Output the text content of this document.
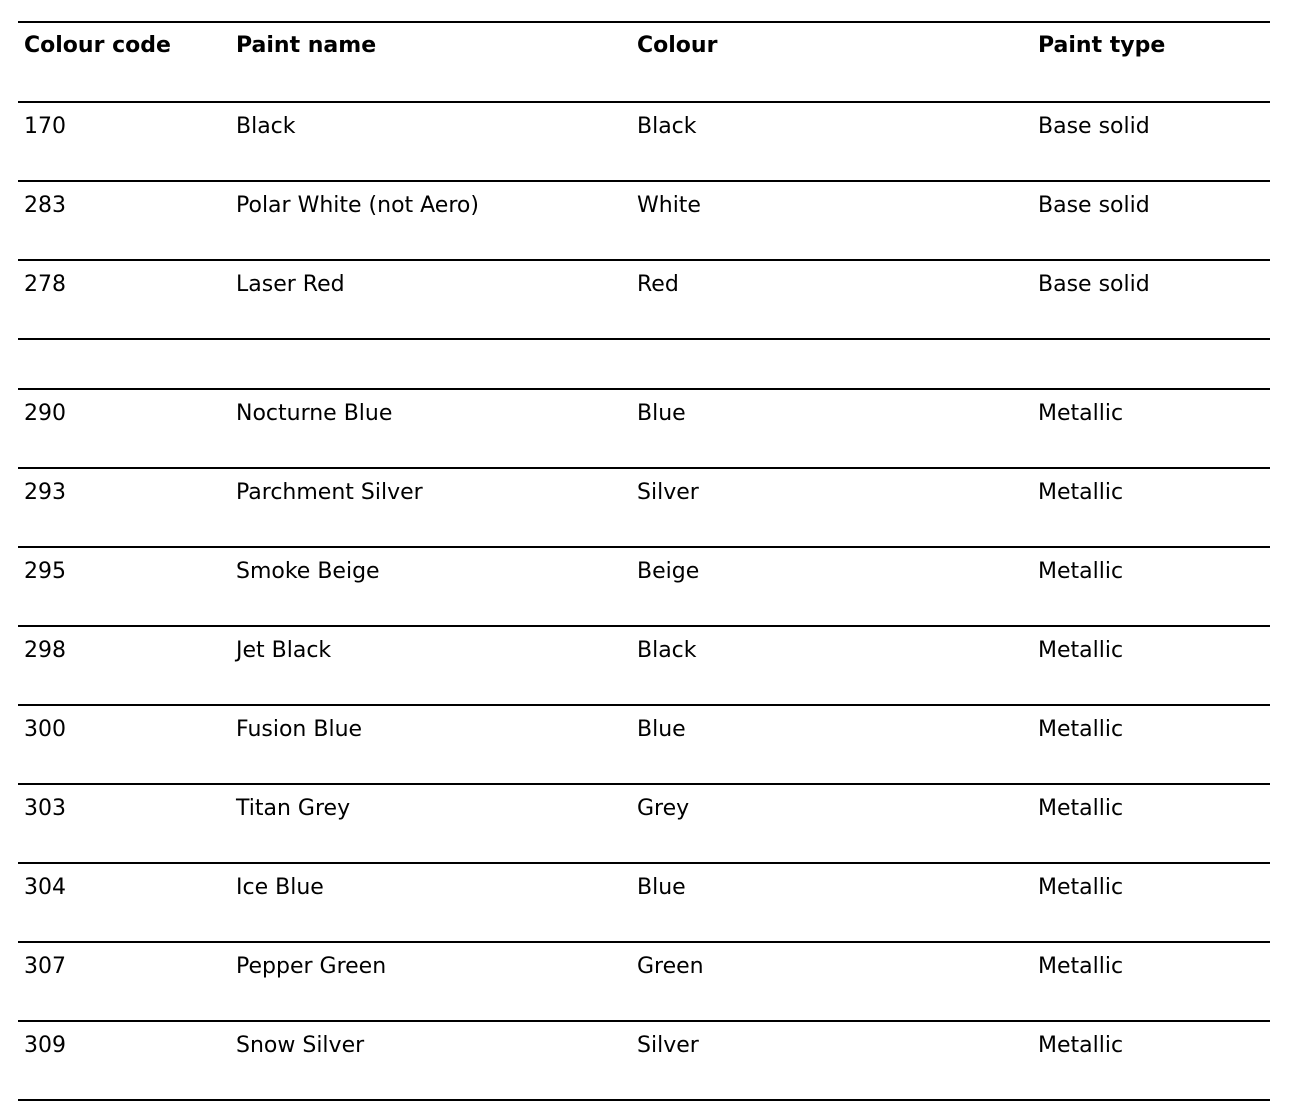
Colour code	Paint name	Colour	Paint type
170	Black	Black	Base solid
283	Polar White (not Aero)	White	Base solid
278	Laser Red	Red	Base solid

290	Nocturne Blue	Blue	Metallic
293	Parchment Silver	Silver	Metallic
295	Smoke Beige	Beige	Metallic
298	Jet Black	Black	Metallic
300	Fusion Blue	Blue	Metallic
303	Titan Grey	Grey	Metallic
304	Ice Blue	Blue	Metallic
307	Pepper Green	Green	Metallic
309	Snow Silver	Silver	Metallic
